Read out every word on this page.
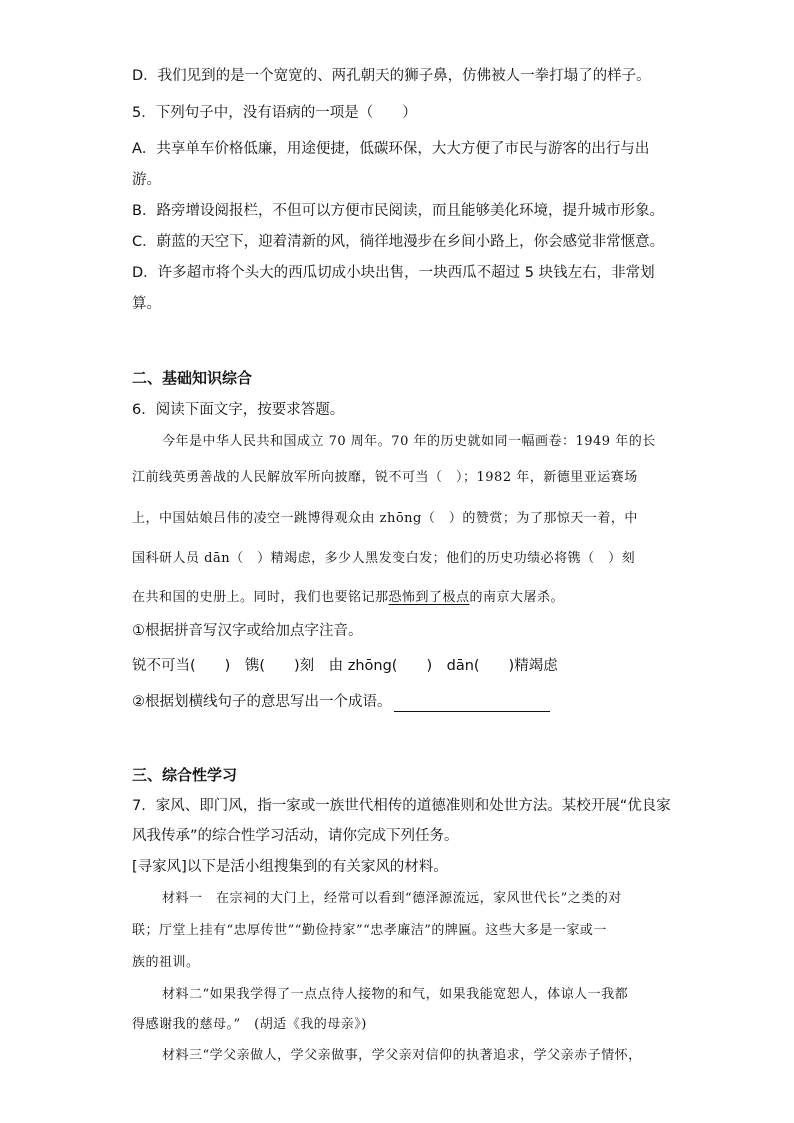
D．我们见到的是一个宽宽的、两孔朝天的狮子鼻，仿佛被人一拳打塌了的样子。
5．下列句子中，没有语病的一项是（　　）
A．共享单车价格低廉，用途便捷，低碳环保，大大方便了市民与游客的出行与出
游。
B．路旁增设阅报栏，不但可以方便市民阅读，而且能够美化环境，提升城市形象。
C．蔚蓝的天空下，迎着清新的风，徜徉地漫步在乡间小路上，你会感觉非常惬意。
D．许多超市将个头大的西瓜切成小块出售，一块西瓜不超过 5 块钱左右，非常划
算。
二、基础知识综合
6．阅读下面文字，按要求答题。
今年是中华人民共和国成立 70 周年。70 年的历史就如同一幅画卷：1949 年的长
江前线英勇善战的人民解放军所向披靡，锐不可当（　）；1982 年，新德里亚运赛场
上，中国姑娘吕伟的凌空一跳博得观众由 zhōng（　）的赞赏；为了那惊天一着，中
国科研人员 dān（　）精竭虑，多少人黑发变白发；他们的历史功绩必将镌（　）刻
在共和国的史册上。同时，我们也要铭记那恐怖到了极点的南京大屠杀。
①根据拼音写汉字或给加点字注音。
锐不可当(　　)　镌(　　)刻　由 zhōng(　　)　dān(　　)精竭虑
②根据划横线句子的意思写出一个成语。
三、综合性学习
7．家风、即门风，指一家或一族世代相传的道德准则和处世方法。某校开展“优良家
风我传承”的综合性学习活动，请你完成下列任务。
[寻家风]以下是活小组搜集到的有关家风的材料。
材料一　在宗祠的大门上，经常可以看到“德泽源流远，家风世代长”之类的对
联；厅堂上挂有“忠厚传世”“勤俭持家”“忠孝廉洁”的牌匾。这些大多是一家或一
族的祖训。
材料二“如果我学得了一点点待人接物的和气，如果我能宽恕人，体谅人一我都
得感谢我的慈母。”　(胡适《我的母亲》)
材料三“学父亲做人，学父亲做事，学父亲对信仰的执著追求，学父亲赤子情怀，
